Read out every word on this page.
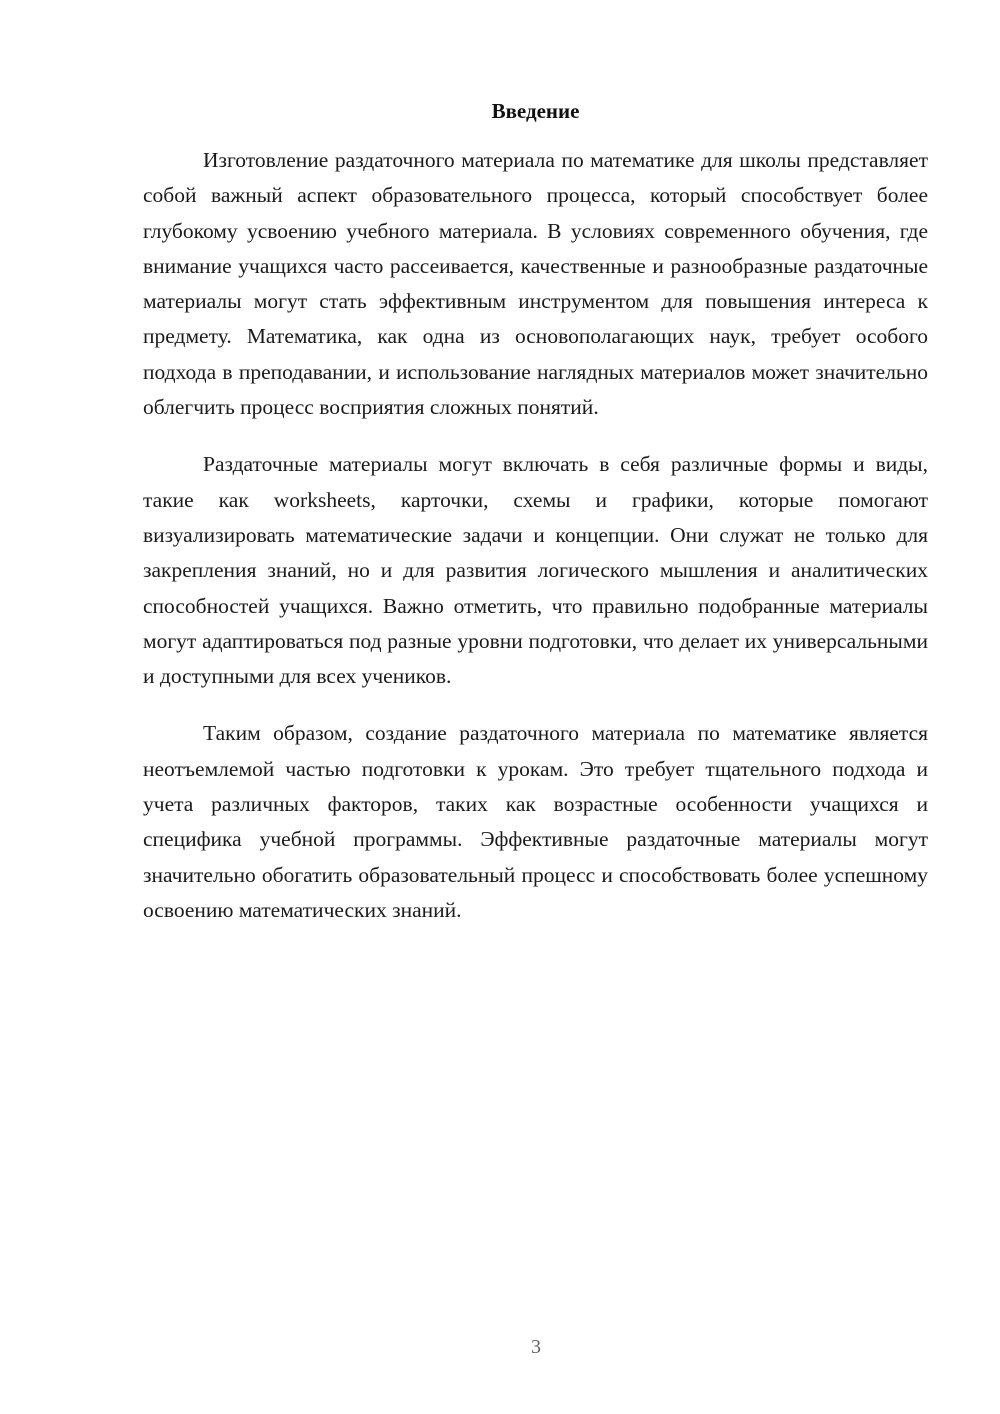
Введение

Изготовление раздаточного материала по математике для школы представляет собой важный аспект образовательного процесса, который способствует более глубокому усвоению учебного материала. В условиях современного обучения, где внимание учащихся часто рассеивается, качественные и разнообразные раздаточные материалы могут стать эффективным инструментом для повышения интереса к предмету. Математика, как одна из основополагающих наук, требует особого подхода в преподавании, и использование наглядных материалов может значительно облегчить процесс восприятия сложных понятий.

Раздаточные материалы могут включать в себя различные формы и виды, такие как worksheets, карточки, схемы и графики, которые помогают визуализировать математические задачи и концепции. Они служат не только для закрепления знаний, но и для развития логического мышления и аналитических способностей учащихся. Важно отметить, что правильно подобранные материалы могут адаптироваться под разные уровни подготовки, что делает их универсальными и доступными для всех учеников.

Таким образом, создание раздаточного материала по математике является неотъемлемой частью подготовки к урокам. Это требует тщательного подхода и учета различных факторов, таких как возрастные особенности учащихся и специфика учебной программы. Эффективные раздаточные материалы могут значительно обогатить образовательный процесс и способствовать более успешному освоению математических знаний.

3
